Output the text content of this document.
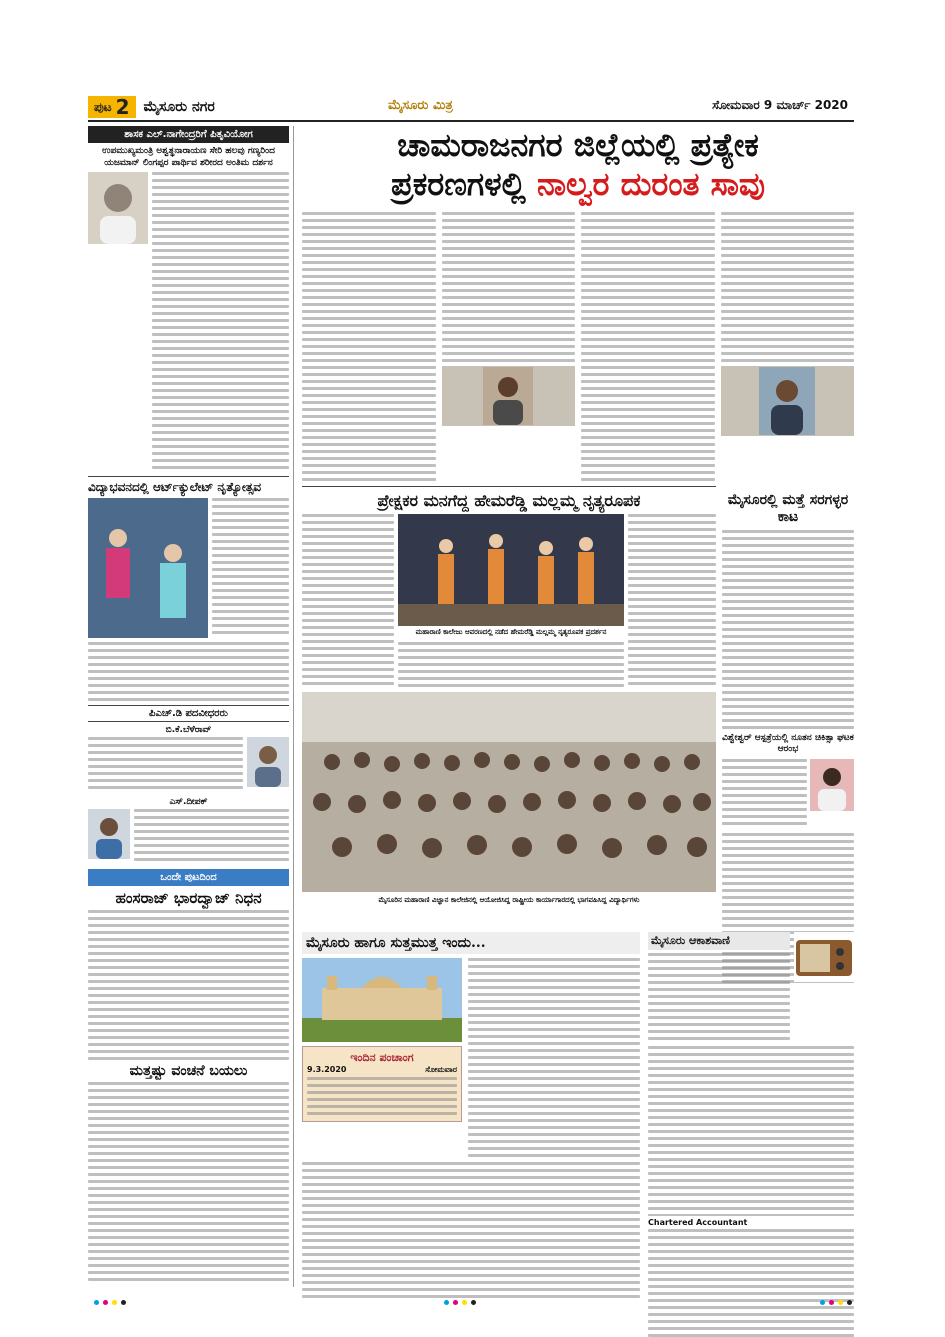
ಪುಟ 2 ಮೈಸೂರು ನಗರ	ಮೈಸೂರು ಮಿತ್ರ	ಸೋಮವಾರ 9 ಮಾರ್ಚ್ 2020
ಶಾಸಕ ಎಲ್.ನಾಗೇಂದ್ರರಿಗೆ ಪಿತೃವಿಯೋಗ
ಉಪಮುಖ್ಯಮಂತ್ರಿ ಅಶ್ವತ್ಥನಾರಾಯಣ ಸೇರಿ ಹಲವು ಗಣ್ಯರಿಂದ ಯಜಮಾನ್ ಲಿಂಗಪ್ಪರ ಪಾರ್ಥಿವ ಶರೀರದ ಅಂತಿಮ ದರ್ಶನ
ವಿದ್ಯಾಭವನದಲ್ಲಿ ಆರ್ಟ್‌ಕ್ಯುಲೇಟ್ ನೃತ್ಯೋತ್ಸವ
ಪಿಎಚ್.ಡಿ ಪದವೀಧರರು
ಬಿ.ಕೆ.ಬೆಳೆರಾವ್
ಎಸ್.ದೀಪಕ್
ಒಂದೇ ಪುಟದಿಂದ
ಹಂಸರಾಜ್ ಭಾರದ್ವಾಜ್ ನಿಧನ
ಮತ್ತಷ್ಟು ವಂಚನೆ ಬಯಲು
ಚಾಮರಾಜನಗರ ಜಿಲ್ಲೆಯಲ್ಲಿ ಪ್ರತ್ಯೇಕ
ಪ್ರಕರಣಗಳಲ್ಲಿ ನಾಲ್ವರ ದುರಂತ ಸಾವು
ಪ್ರೇಕ್ಷಕರ ಮನಗೆದ್ದ ಹೇಮರೆಡ್ಡಿ ಮಲ್ಲಮ್ಮ ನೃತ್ಯರೂಪಕ
ಮಹಾರಾಣಿ ಕಾಲೇಜು ಆವರಣದಲ್ಲಿ ನಡೆದ ಹೇಮರೆಡ್ಡಿ ಮಲ್ಲಮ್ಮ ನೃತ್ಯರೂಪಕ ಪ್ರದರ್ಶನ
ಮೈಸೂರಿನ ಮಹಾರಾಣಿ ವಿಜ್ಞಾನ ಕಾಲೇಜಿನಲ್ಲಿ ಆಯೋಜಿಸಿದ್ದ ರಾಷ್ಟ್ರೀಯ ಕಾರ್ಯಾಗಾರದಲ್ಲಿ ಭಾಗವಹಿಸಿದ್ದ ವಿದ್ಯಾರ್ಥಿಗಳು
ಮೈಸೂರಲ್ಲಿ ಮತ್ತೆ ಸರಗಳ್ಳರ ಕಾಟ
ವಿಶ್ವೇಶ್ವರ್ ಆಸ್ಪತ್ರೆಯಲ್ಲಿ ನೂತನ ಚಿಕಿತ್ಸಾ ಘಟಕ ಆರಂಭ
ಮೈಸೂರು ಹಾಗೂ ಸುತ್ತಮುತ್ತ ಇಂದು...
ಇಂದಿನ ಪಂಚಾಂಗ
9.3.2020	ಸೋಮವಾರ
ಮೈಸೂರು ಆಕಾಶವಾಣಿ
Chartered Accountant
